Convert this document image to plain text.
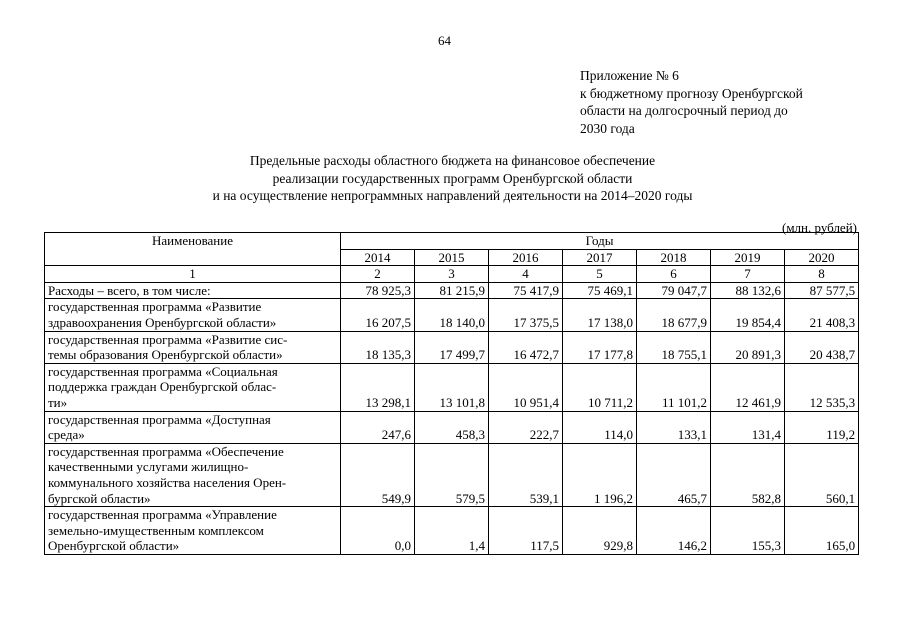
64
Приложение № 6
к бюджетному прогнозу Оренбургской
области на долгосрочный период до
2030 года
Предельные расходы областного бюджета на финансовое обеспечение
реализации государственных программ Оренбургской области
и на осуществление непрограммных направлений деятельности на 2014–2020 годы
(млн. рублей)
Наименование	Годы						
	2014	2015	2016	2017	2018	2019	2020
1	2	3	4	5	6	7	8

Расходы – всего, в том числе:	78 925,3	81 215,9	75 417,9	75 469,1	79 047,7	88 132,6	87 577,5

государственная программа «Развитие
здравоохранения Оренбургской области»	16 207,5	18 140,0	17 375,5	17 138,0	18 677,9	19 854,4	21 408,3

государственная программа «Развитие сис-
темы образования Оренбургской области»	18 135,3	17 499,7	16 472,7	17 177,8	18 755,1	20 891,3	20 438,7

государственная программа «Социальная
поддержка граждан Оренбургской облас-
ти»	13 298,1	13 101,8	10 951,4	10 711,2	11 101,2	12 461,9	12 535,3

государственная программа «Доступная
среда»	247,6	458,3	222,7	114,0	133,1	131,4	119,2

государственная программа «Обеспечение
качественными услугами жилищно-
коммунального хозяйства населения Орен-
бургской области»	549,9	579,5	539,1	1 196,2	465,7	582,8	560,1

государственная программа «Управление
земельно-имущественным комплексом
Оренбургской области»	0,0	1,4	117,5	929,8	146,2	155,3	165,0
